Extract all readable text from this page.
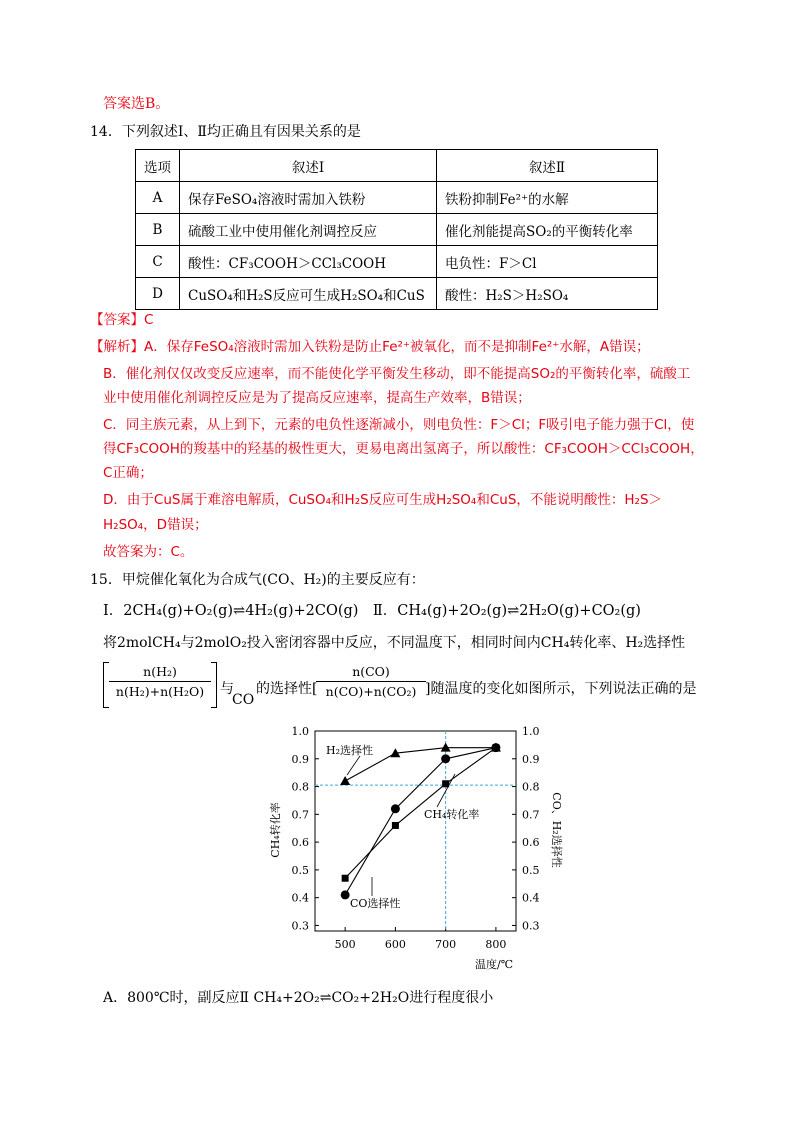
答案选B。
14．下列叙述Ⅰ、Ⅱ均正确且有因果关系的是
选项	叙述Ⅰ	叙述Ⅱ
A	保存FeSO₄溶液时需加入铁粉	铁粉抑制Fe²⁺的水解
B	硫酸工业中使用催化剂调控反应	催化剂能提高SO₂的平衡转化率
C	酸性：CF₃COOH＞CCl₃COOH	电负性：F＞Cl
D	CuSO₄和H₂S反应可生成H₂SO₄和CuS	酸性：H₂S＞H₂SO₄
【答案】C
【解析】A．保存FeSO₄溶液时需加入铁粉是防止Fe²⁺被氧化，而不是抑制Fe²⁺水解，A错误；
B．催化剂仅仅改变反应速率，而不能使化学平衡发生移动，即不能提高SO₂的平衡转化率，硫酸工
业中使用催化剂调控反应是为了提高反应速率，提高生产效率，B错误；
C．同主族元素，从上到下，元素的电负性逐渐减小，则电负性：F＞Cl；F吸引电子能力强于Cl，使
得CF₃COOH的羧基中的羟基的极性更大，更易电离出氢离子，所以酸性：CF₃COOH＞CCl₃COOH，
C正确；
D．由于CuS属于难溶电解质，CuSO₄和H₂S反应可生成H₂SO₄和CuS，不能说明酸性：H₂S＞
H₂SO₄，D错误；
故答案为：C。
15．甲烷催化氧化为合成气(CO、H₂)的主要反应有：
Ⅰ．2CH₄(g)+O₂(g)⇌4H₂(g)+2CO(g)　Ⅱ．CH₄(g)+2O₂(g)⇌2H₂O(g)+CO₂(g)
将2molCH₄与2molO₂投入密闭容器中反应，不同温度下，相同时间内CH₄转化率、H₂选择性
$\frac{\text{n(H₂)}}{\text{n(H₂)+n(H₂O)}}$ 与
CO
的选择性[
$\frac{n(CO)}{\text{n(CO)+n(CO₂)}}$ ]随温度的变化如图所示，下列说法正确的是
0.3	0.3
0.4	0.4
0.5	0.5
0.6	0.6
0.7	0.7
0.8	0.8
0.9	0.9
1.0	1.0
500	600	700	800
温度/℃
CH₄转化率	CO、H₂选择性
H₂选择性
CH₄转化率
CO选择性
A．800℃时，副反应Ⅱ CH₄+2O₂⇌CO₂+2H₂O进行程度很小
